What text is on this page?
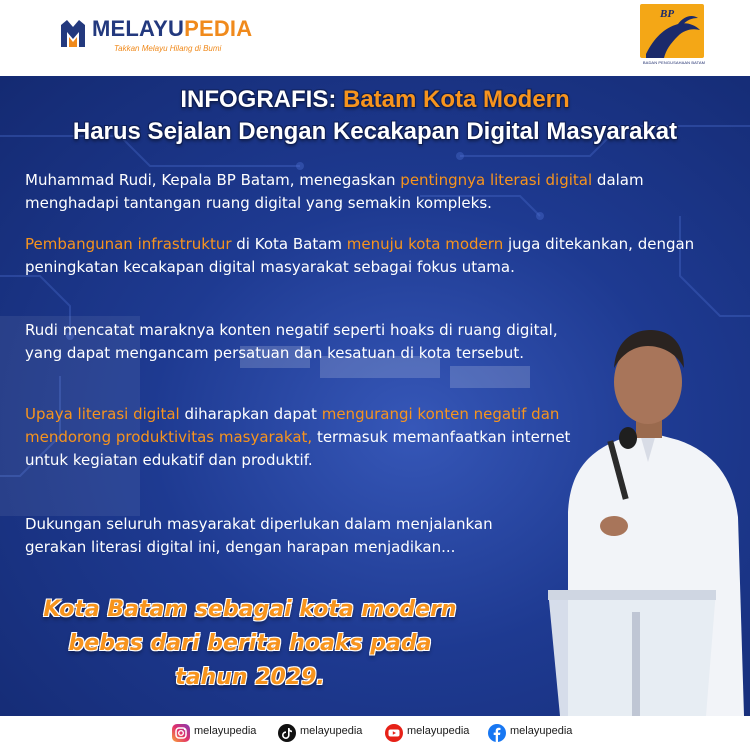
MELAYUPEDIA
Takkan Melayu Hilang di Bumi
BP
BADAN PENGUSAHAAN BATAM
INFOGRAFIS: Batam Kota Modern
Harus Sejalan Dengan Kecakapan Digital Masyarakat

Muhammad Rudi, Kepala BP Batam, menegaskan pentingnya literasi digital dalam menghadapi tantangan ruang digital yang semakin kompleks.

Pembangunan infrastruktur di Kota Batam menuju kota modern juga ditekankan, dengan peningkatan kecakapan digital masyarakat sebagai fokus utama.

Rudi mencatat maraknya konten negatif seperti hoaks di ruang digital, yang dapat mengancam persatuan dan kesatuan di kota tersebut.

Upaya literasi digital diharapkan dapat mengurangi konten negatif dan mendorong produktivitas masyarakat, termasuk memanfaatkan internet untuk kegiatan edukatif dan produktif.

Dukungan seluruh masyarakat diperlukan dalam menjalankan gerakan literasi digital ini, dengan harapan menjadikan...

Kota Batam sebagai kota modern
bebas dari berita hoaks pada
tahun 2029.
melayupedia	melayupedia	melayupedia	melayupedia
